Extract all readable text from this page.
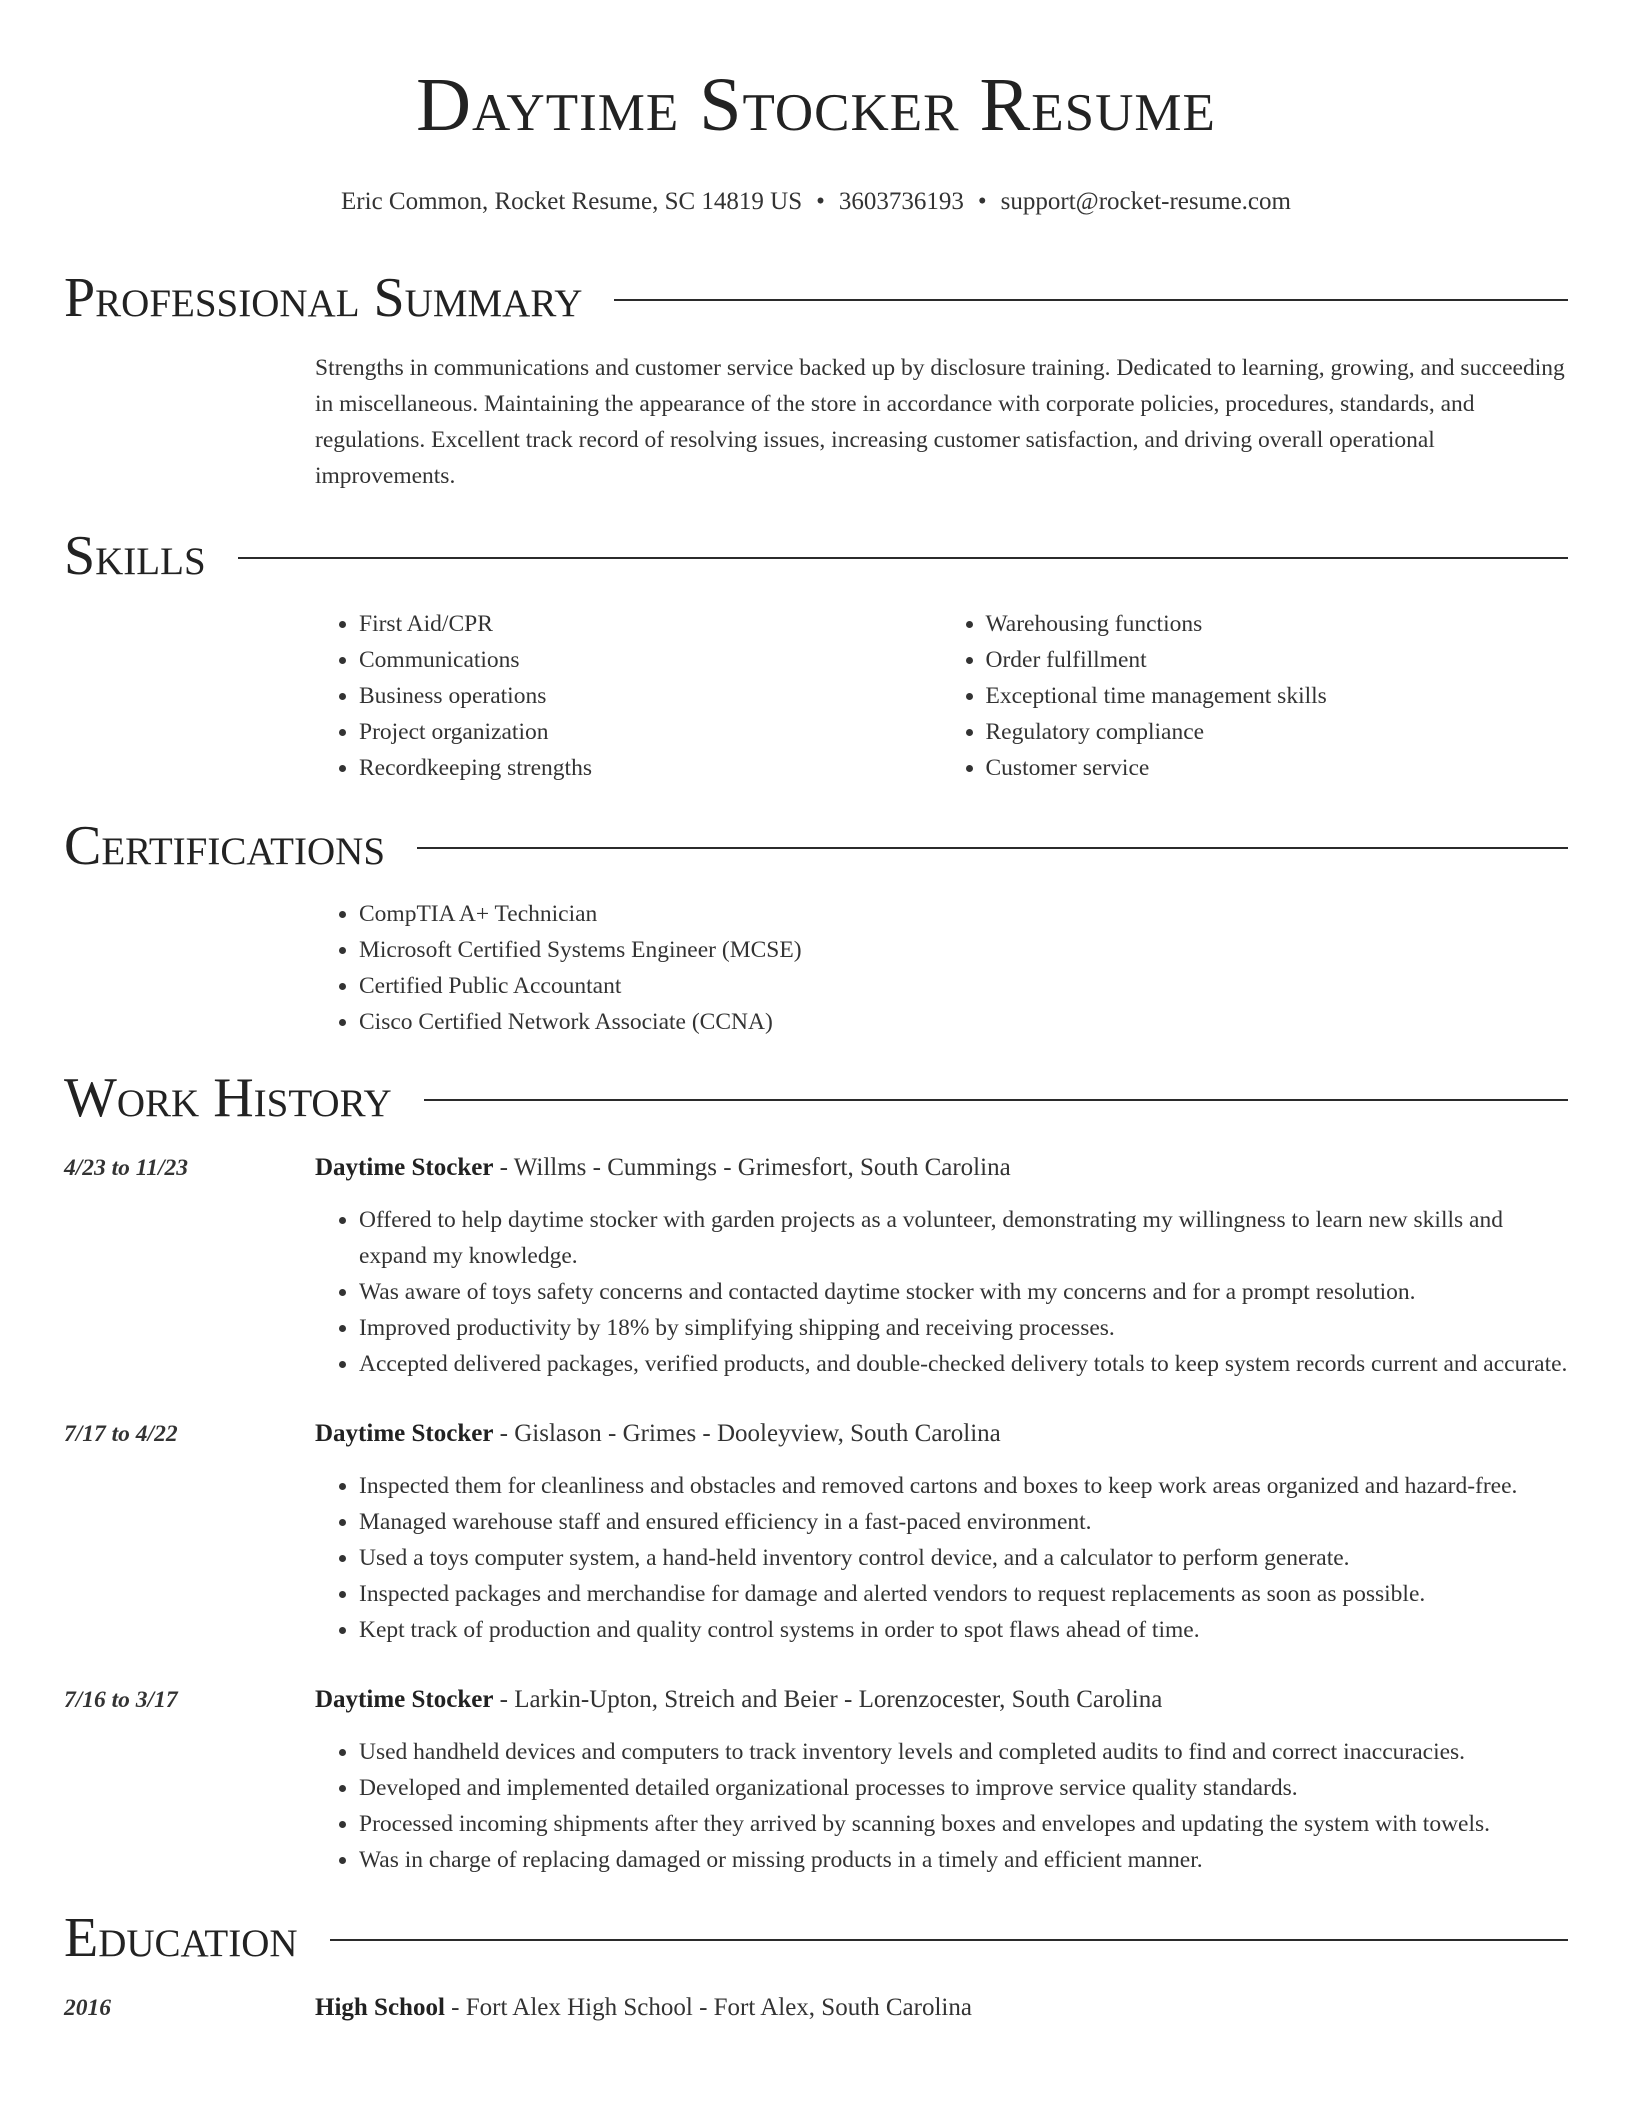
Daytime Stocker Resume
Eric Common, Rocket Resume, SC 14819 US • 3603736193 • support@rocket-resume.com
Professional Summary
Strengths in communications and customer service backed up by disclosure training. Dedicated to learning, growing, and succeeding in miscellaneous. Maintaining the appearance of the store in accordance with corporate policies, procedures, standards, and regulations. Excellent track record of resolving issues, increasing customer satisfaction, and driving overall operational improvements.
Skills
• First Aid/CPR
• Communications
• Business operations
• Project organization
• Recordkeeping strengths
• Warehousing functions
• Order fulfillment
• Exceptional time management skills
• Regulatory compliance
• Customer service
Certifications
• CompTIA A+ Technician
• Microsoft Certified Systems Engineer (MCSE)
• Certified Public Accountant
• Cisco Certified Network Associate (CCNA)
Work History
4/23 to 11/23	Daytime Stocker - Willms - Cummings - Grimesfort, South Carolina
• Offered to help daytime stocker with garden projects as a volunteer, demonstrating my willingness to learn new skills and expand my knowledge.
• Was aware of toys safety concerns and contacted daytime stocker with my concerns and for a prompt resolution.
• Improved productivity by 18% by simplifying shipping and receiving processes.
• Accepted delivered packages, verified products, and double-checked delivery totals to keep system records current and accurate.
7/17 to 4/22	Daytime Stocker - Gislason - Grimes - Dooleyview, South Carolina
• Inspected them for cleanliness and obstacles and removed cartons and boxes to keep work areas organized and hazard-free.
• Managed warehouse staff and ensured efficiency in a fast-paced environment.
• Used a toys computer system, a hand-held inventory control device, and a calculator to perform generate.
• Inspected packages and merchandise for damage and alerted vendors to request replacements as soon as possible.
• Kept track of production and quality control systems in order to spot flaws ahead of time.
7/16 to 3/17	Daytime Stocker - Larkin-Upton, Streich and Beier - Lorenzocester, South Carolina
• Used handheld devices and computers to track inventory levels and completed audits to find and correct inaccuracies.
• Developed and implemented detailed organizational processes to improve service quality standards.
• Processed incoming shipments after they arrived by scanning boxes and envelopes and updating the system with towels.
• Was in charge of replacing damaged or missing products in a timely and efficient manner.
Education
2016	High School - Fort Alex High School - Fort Alex, South Carolina
